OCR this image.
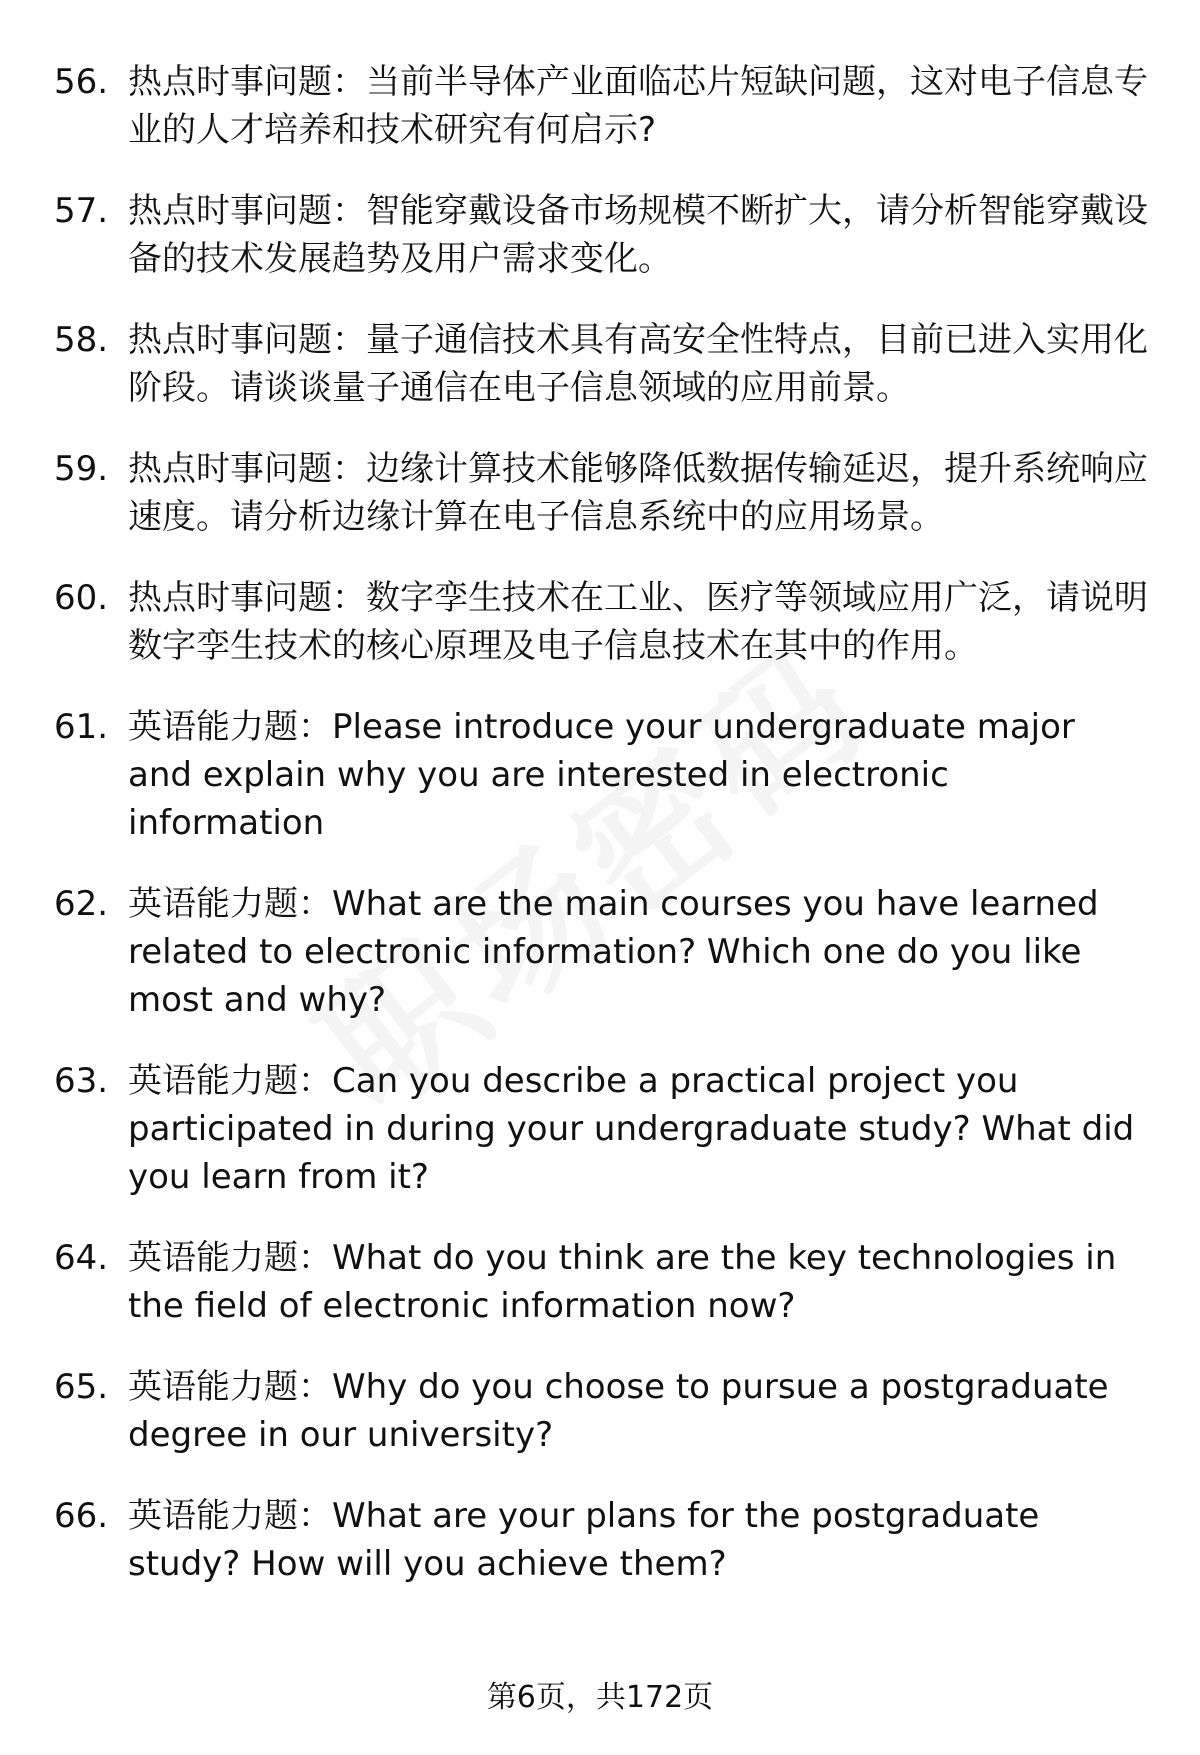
56. 热点时事问题：当前半导体产业面临芯片短缺问题，这对电子信息专业的人才培养和技术研究有何启示?
57. 热点时事问题：智能穿戴设备市场规模不断扩大，请分析智能穿戴设备的技术发展趋势及用户需求变化。
58. 热点时事问题：量子通信技术具有高安全性特点，目前已进入实用化阶段。请谈谈量子通信在电子信息领域的应用前景。
59. 热点时事问题：边缘计算技术能够降低数据传输延迟，提升系统响应速度。请分析边缘计算在电子信息系统中的应用场景。
60. 热点时事问题：数字孪生技术在工业、医疗等领域应用广泛，请说明数字孪生技术的核心原理及电子信息技术在其中的作用。
61. 英语能力题：Please introduce your undergraduate major and explain why you are interested in electronic information
62. 英语能力题：What are the main courses you have learned related to electronic information? Which one do you like most and why?
63. 英语能力题：Can you describe a practical project you participated in during your undergraduate study? What did you learn from it?
64. 英语能力题：What do you think are the key technologies in the field of electronic information now?
65. 英语能力题：Why do you choose to pursue a postgraduate degree in our university?
66. 英语能力题：What are your plans for the postgraduate study? How will you achieve them?
第6页，共172页
